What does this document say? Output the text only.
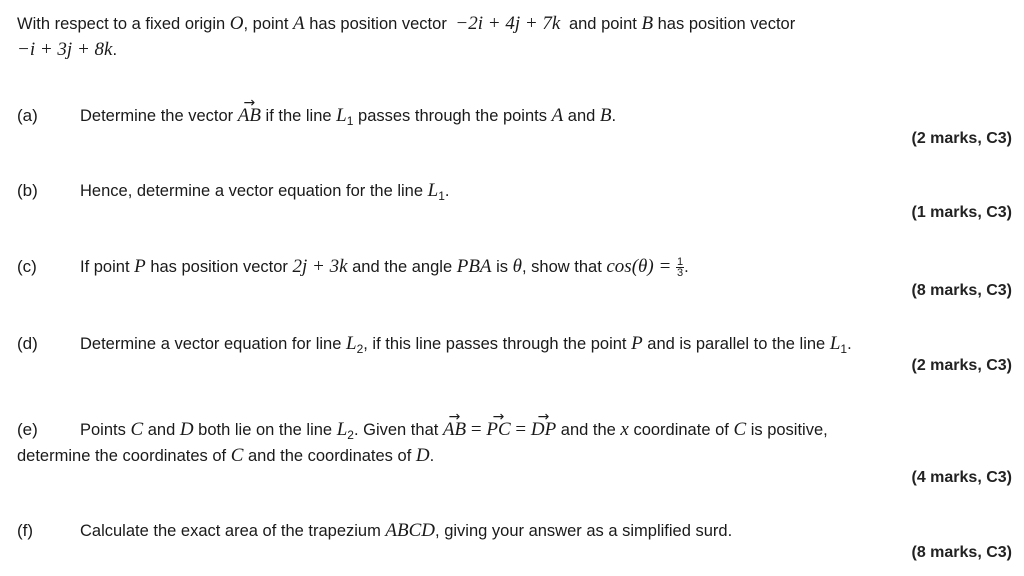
With respect to a fixed origin O, point A has position vector −2i + 4j + 7k and point B has position vector
−i + 3j + 8k.
(a)	Determine the vector → AB if the line $L_1$ passes through the points A and B.
(2 marks, C3)
(b)	Hence, determine a vector equation for the line $L_1$.
(1 marks, C3)
(c)	If point P has position vector 2j + 3k and the angle PBA is θ, show that $\cos(\theta) = \frac{1}{3}$ .
(8 marks, C3)
(d)	Determine a vector equation for line $L_2$, if this line passes through the point P and is parallel to the line $L_1$.
(2 marks, C3)
(e)	Points C and D both lie on the line $L_2$. Given that → AB = → PC = → DP and the x coordinate of C is positive,
determine the coordinates of C and the coordinates of D.
(4 marks, C3)
(f)	Calculate the exact area of the trapezium ABCD, giving your answer as a simplified surd.
(8 marks, C3)
